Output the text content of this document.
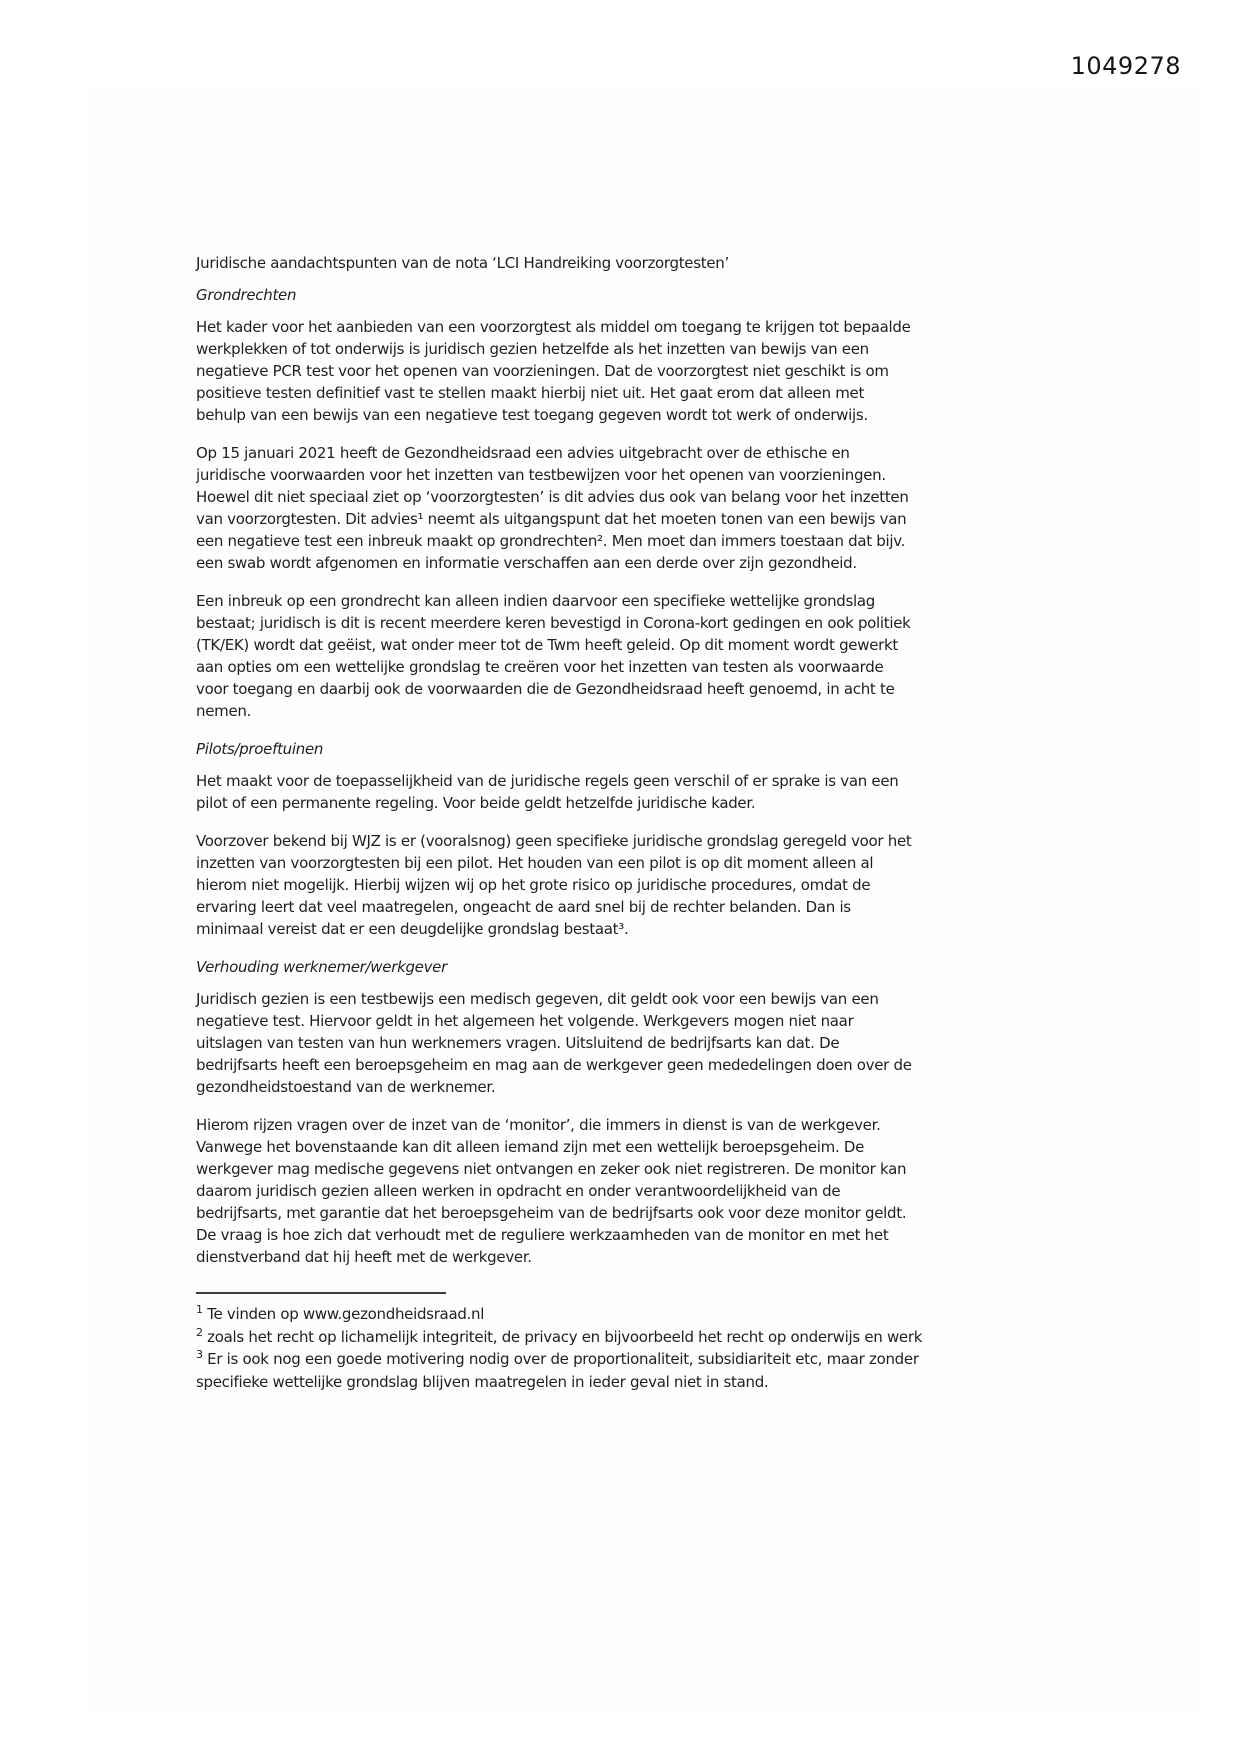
1049278
Juridische aandachtspunten van de nota ‘LCI Handreiking voorzorgtesten’
Grondrechten

Het kader voor het aanbieden van een voorzorgtest als middel om toegang te krijgen tot bepaalde werkplekken of tot onderwijs is juridisch gezien hetzelfde als het inzetten van bewijs van een negatieve PCR test voor het openen van voorzieningen. Dat de voorzorgtest niet geschikt is om positieve testen definitief vast te stellen maakt hierbij niet uit. Het gaat erom dat alleen met behulp van een bewijs van een negatieve test toegang gegeven wordt tot werk of onderwijs.

Op 15 januari 2021 heeft de Gezondheidsraad een advies uitgebracht over de ethische en juridische voorwaarden voor het inzetten van testbewijzen voor het openen van voorzieningen. Hoewel dit niet speciaal ziet op ‘voorzorgtesten’ is dit advies dus ook van belang voor het inzetten van voorzorgtesten. Dit advies¹ neemt als uitgangspunt dat het moeten tonen van een bewijs van een negatieve test een inbreuk maakt op grondrechten². Men moet dan immers toestaan dat bijv. een swab wordt afgenomen en informatie verschaffen aan een derde over zijn gezondheid.

Een inbreuk op een grondrecht kan alleen indien daarvoor een specifieke wettelijke grondslag bestaat; juridisch is dit is recent meerdere keren bevestigd in Corona-kort gedingen en ook politiek (TK/EK) wordt dat geëist, wat onder meer tot de Twm heeft geleid. Op dit moment wordt gewerkt aan opties om een wettelijke grondslag te creëren voor het inzetten van testen als voorwaarde voor toegang en daarbij ook de voorwaarden die de Gezondheidsraad heeft genoemd, in acht te nemen.

Pilots/proeftuinen

Het maakt voor de toepasselijkheid van de juridische regels geen verschil of er sprake is van een pilot of een permanente regeling. Voor beide geldt hetzelfde juridische kader.

Voorzover bekend bij WJZ is er (vooralsnog) geen specifieke juridische grondslag geregeld voor het inzetten van voorzorgtesten bij een pilot. Het houden van een pilot is op dit moment alleen al hierom niet mogelijk. Hierbij wijzen wij op het grote risico op juridische procedures, omdat de ervaring leert dat veel maatregelen, ongeacht de aard snel bij de rechter belanden. Dan is minimaal vereist dat er een deugdelijke grondslag bestaat³.

Verhouding werknemer/werkgever

Juridisch gezien is een testbewijs een medisch gegeven, dit geldt ook voor een bewijs van een negatieve test. Hiervoor geldt in het algemeen het volgende. Werkgevers mogen niet naar uitslagen van testen van hun werknemers vragen. Uitsluitend de bedrijfsarts kan dat. De bedrijfsarts heeft een beroepsgeheim en mag aan de werkgever geen mededelingen doen over de gezondheidstoestand van de werknemer.

Hierom rijzen vragen over de inzet van de ‘monitor’, die immers in dienst is van de werkgever. Vanwege het bovenstaande kan dit alleen iemand zijn met een wettelijk beroepsgeheim. De werkgever mag medische gegevens niet ontvangen en zeker ook niet registreren. De monitor kan daarom juridisch gezien alleen werken in opdracht en onder verantwoordelijkheid van de bedrijfsarts, met garantie dat het beroepsgeheim van de bedrijfsarts ook voor deze monitor geldt. De vraag is hoe zich dat verhoudt met de reguliere werkzaamheden van de monitor en met het dienstverband dat hij heeft met de werkgever.

$^1$ Te vinden op www.gezondheidsraad.nl
$^2$ zoals het recht op lichamelijk integriteit, de privacy en bijvoorbeeld het recht op onderwijs en werk
$^3$ Er is ook nog een goede motivering nodig over de proportionaliteit, subsidiariteit etc, maar zonder specifieke wettelijke grondslag blijven maatregelen in ieder geval niet in stand.
